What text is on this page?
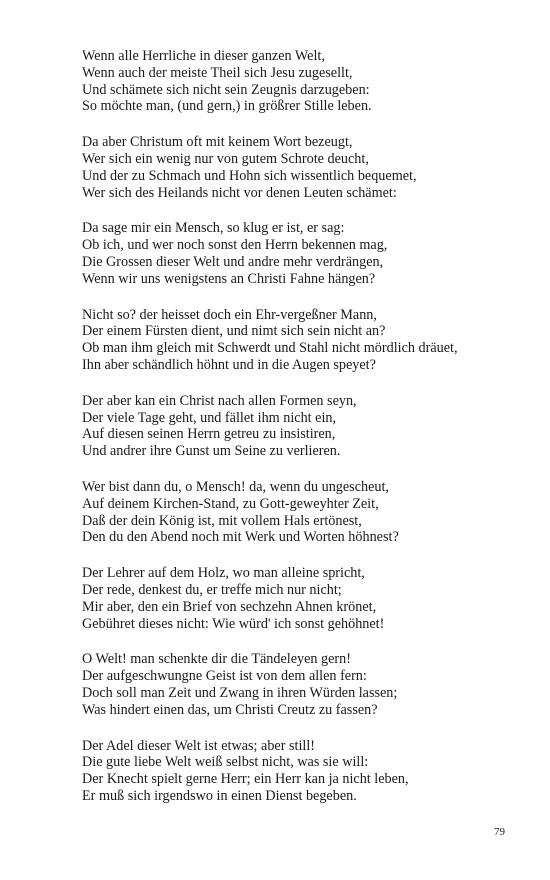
Wenn alle Herrliche in dieser ganzen Welt,
Wenn auch der meiste Theil sich Jesu zugesellt,
Und schämete sich nicht sein Zeugnis darzugeben:
So möchte man, (und gern,) in größrer Stille leben.
Da aber Christum oft mit keinem Wort bezeugt,
Wer sich ein wenig nur von gutem Schrote deucht,
Und der zu Schmach und Hohn sich wissentlich bequemet,
Wer sich des Heilands nicht vor denen Leuten schämet:
Da sage mir ein Mensch, so klug er ist, er sag:
Ob ich, und wer noch sonst den Herrn bekennen mag,
Die Grossen dieser Welt und andre mehr verdrängen,
Wenn wir uns wenigstens an Christi Fahne hängen?
Nicht so? der heisset doch ein Ehr-vergeßner Mann,
Der einem Fürsten dient, und nimt sich sein nicht an?
Ob man ihm gleich mit Schwerdt und Stahl nicht mördlich dräuet,
Ihn aber schändlich höhnt und in die Augen speyet?
Der aber kan ein Christ nach allen Formen seyn,
Der viele Tage geht, und fället ihm nicht ein,
Auf diesen seinen Herrn getreu zu insistiren,
Und andrer ihre Gunst um Seine zu verlieren.
Wer bist dann du, o Mensch! da, wenn du ungescheut,
Auf deinem Kirchen-Stand, zu Gott-geweyhter Zeit,
Daß der dein König ist, mit vollem Hals ertönest,
Den du den Abend noch mit Werk und Worten höhnest?
Der Lehrer auf dem Holz, wo man alleine spricht,
Der rede, denkest du, er treffe mich nur nicht;
Mir aber, den ein Brief von sechzehn Ahnen krönet,
Gebühret dieses nicht: Wie würd' ich sonst gehöhnet!
O Welt! man schenkte dir die Tändeleyen gern!
Der aufgeschwungne Geist ist von dem allen fern:
Doch soll man Zeit und Zwang in ihren Würden lassen;
Was hindert einen das, um Christi Creutz zu fassen?
Der Adel dieser Welt ist etwas; aber still!
Die gute liebe Welt weiß selbst nicht, was sie will:
Der Knecht spielt gerne Herr; ein Herr kan ja nicht leben,
Er muß sich irgendswo in einen Dienst begeben.
79
